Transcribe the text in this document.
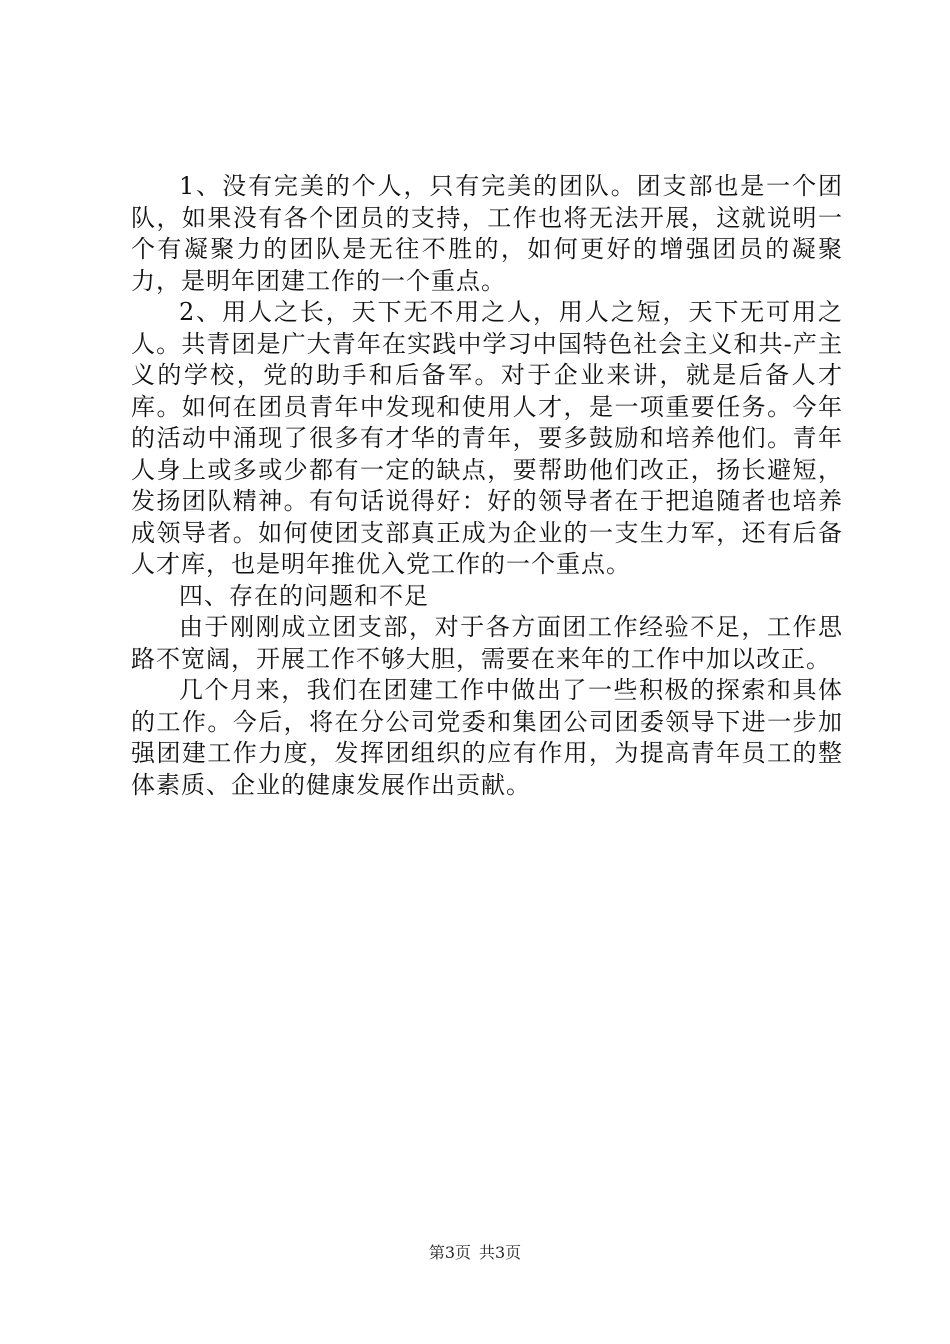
1、没有完美的个人，只有完美的团队。团支部也是一个团队，如果没有各个团员的支持，工作也将无法开展，这就说明一个有凝聚力的团队是无往不胜的，如何更好的增强团员的凝聚力，是明年团建工作的一个重点。

2、用人之长，天下无不用之人，用人之短，天下无可用之人。共青团是广大青年在实践中学习中国特色社会主义和共-产主义的学校，党的助手和后备军。对于企业来讲，就是后备人才库。如何在团员青年中发现和使用人才，是一项重要任务。今年的活动中涌现了很多有才华的青年，要多鼓励和培养他们。青年人身上或多或少都有一定的缺点，要帮助他们改正，扬长避短，发扬团队精神。有句话说得好：好的领导者在于把追随者也培养成领导者。如何使团支部真正成为企业的一支生力军，还有后备人才库，也是明年推优入党工作的一个重点。

四、存在的问题和不足

由于刚刚成立团支部，对于各方面团工作经验不足，工作思路不宽阔，开展工作不够大胆，需要在来年的工作中加以改正。

几个月来，我们在团建工作中做出了一些积极的探索和具体的工作。今后，将在分公司党委和集团公司团委领导下进一步加强团建工作力度，发挥团组织的应有作用，为提高青年员工的整体素质、企业的健康发展作出贡献。

第3页 共3页
